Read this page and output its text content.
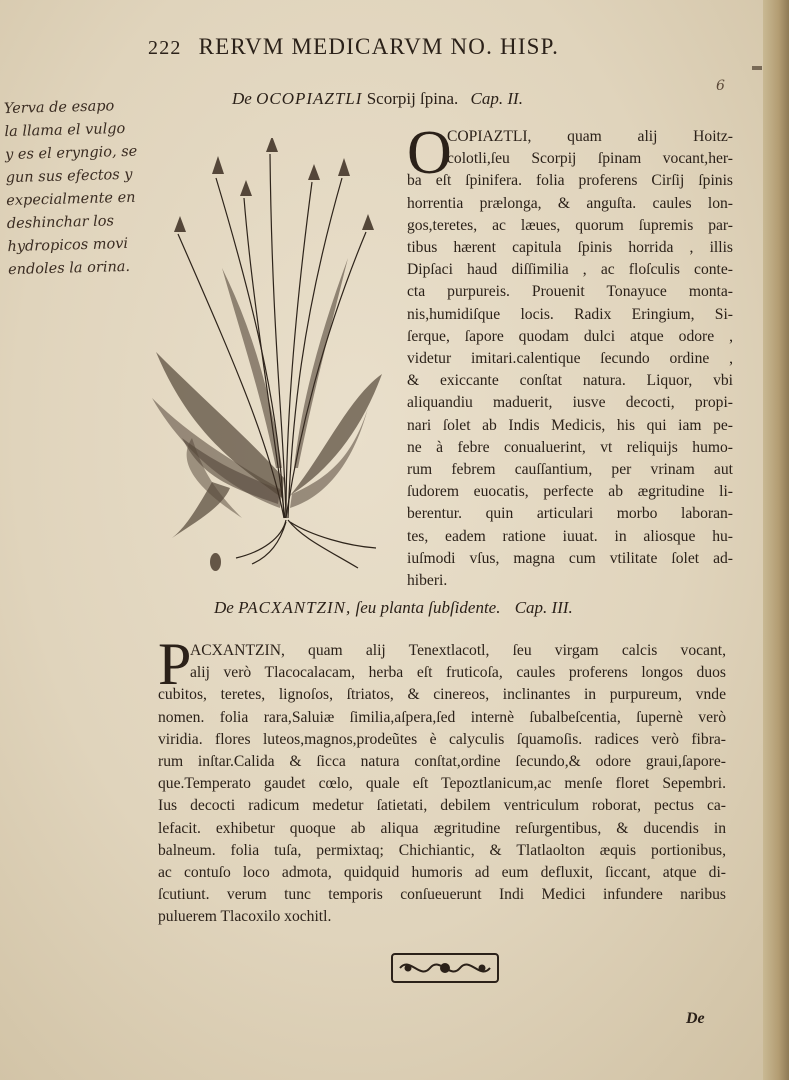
222 RERVM MEDICARVM NO. HISP.
Yerva de esapo
la llama el vulgo
y es el eryngio, se
gun sus efectos y
expecialmente en
deshinchar los
hydropicos movi
endoles la orina.
6
De OCOPIAZTLI Scorpij ſpina. Cap. II.
O
COPIAZTLI, quam alij Hoitz-
colotli,ſeu Scorpij ſpinam vocant,her-
ba eſt ſpinifera. folia proferens Cirſij ſpinis
horrentia prælonga, & anguſta. caules lon-
gos,teretes, ac læues, quorum ſupremis par-
tibus hærent capitula ſpinis horrida , illis
Dipſaci haud diſſimilia , ac floſculis conte-
cta purpureis. Prouenit Tonayuce monta-
nis,humidiſque locis. Radix Eringium, Si-
ſerque, ſapore quodam dulci atque odore ,
videtur imitari.calentique ſecundo ordine ,
& exiccante conſtat natura. Liquor, vbi
aliquandiu maduerit, iusve decocti, propi-
nari ſolet ab Indis Medicis, his qui iam pe-
ne à febre conualuerint, vt reliquijs humo-
rum febrem cauſſantium, per vrinam aut
ſudorem euocatis, perfecte ab ægritudine li-
berentur. quin articulari morbo laboran-
tes, eadem ratione iuuat. in aliosque hu-
iuſmodi vſus, magna cum vtilitate ſolet ad-
hiberi.
De PACXANTZIN, ſeu planta ſubſidente. Cap. III.
P
ACXANTZIN, quam alij Tenextlacotl, ſeu virgam calcis vocant,
alij verò Tlacocalacam, herba eſt fruticoſa, caules proferens longos duos
cubitos, teretes, lignoſos, ſtriatos, & cinereos, inclinantes in purpureum, vnde
nomen. folia rara,Saluiæ ſimilia,aſpera,ſed internè ſubalbeſcentia, ſupernè verò
viridia. flores luteos,magnos,prodeũtes è calyculis ſquamoſis. radices verò fibra-
rum inſtar.Calida & ſicca natura conſtat,ordine ſecundo,& odore graui,ſapore-
que.Temperato gaudet cœlo, quale eſt Tepoztlanicum,ac menſe floret Sepembri.
Ius decocti radicum medetur ſatietati, debilem ventriculum roborat, pectus ca-
lefacit. exhibetur quoque ab aliqua ægritudine reſurgentibus, & ducendis in
balneum. folia tuſa, permixtaq; Chichiantic, & Tlatlaolton æquis portionibus,
ac contuſo loco admota, quidquid humoris ad eum defluxit, ſiccant, atque di-
ſcutiunt. verum tunc temporis conſueuerunt Indi Medici infundere naribus
puluerem Tlacoxilo xochitl.
De
